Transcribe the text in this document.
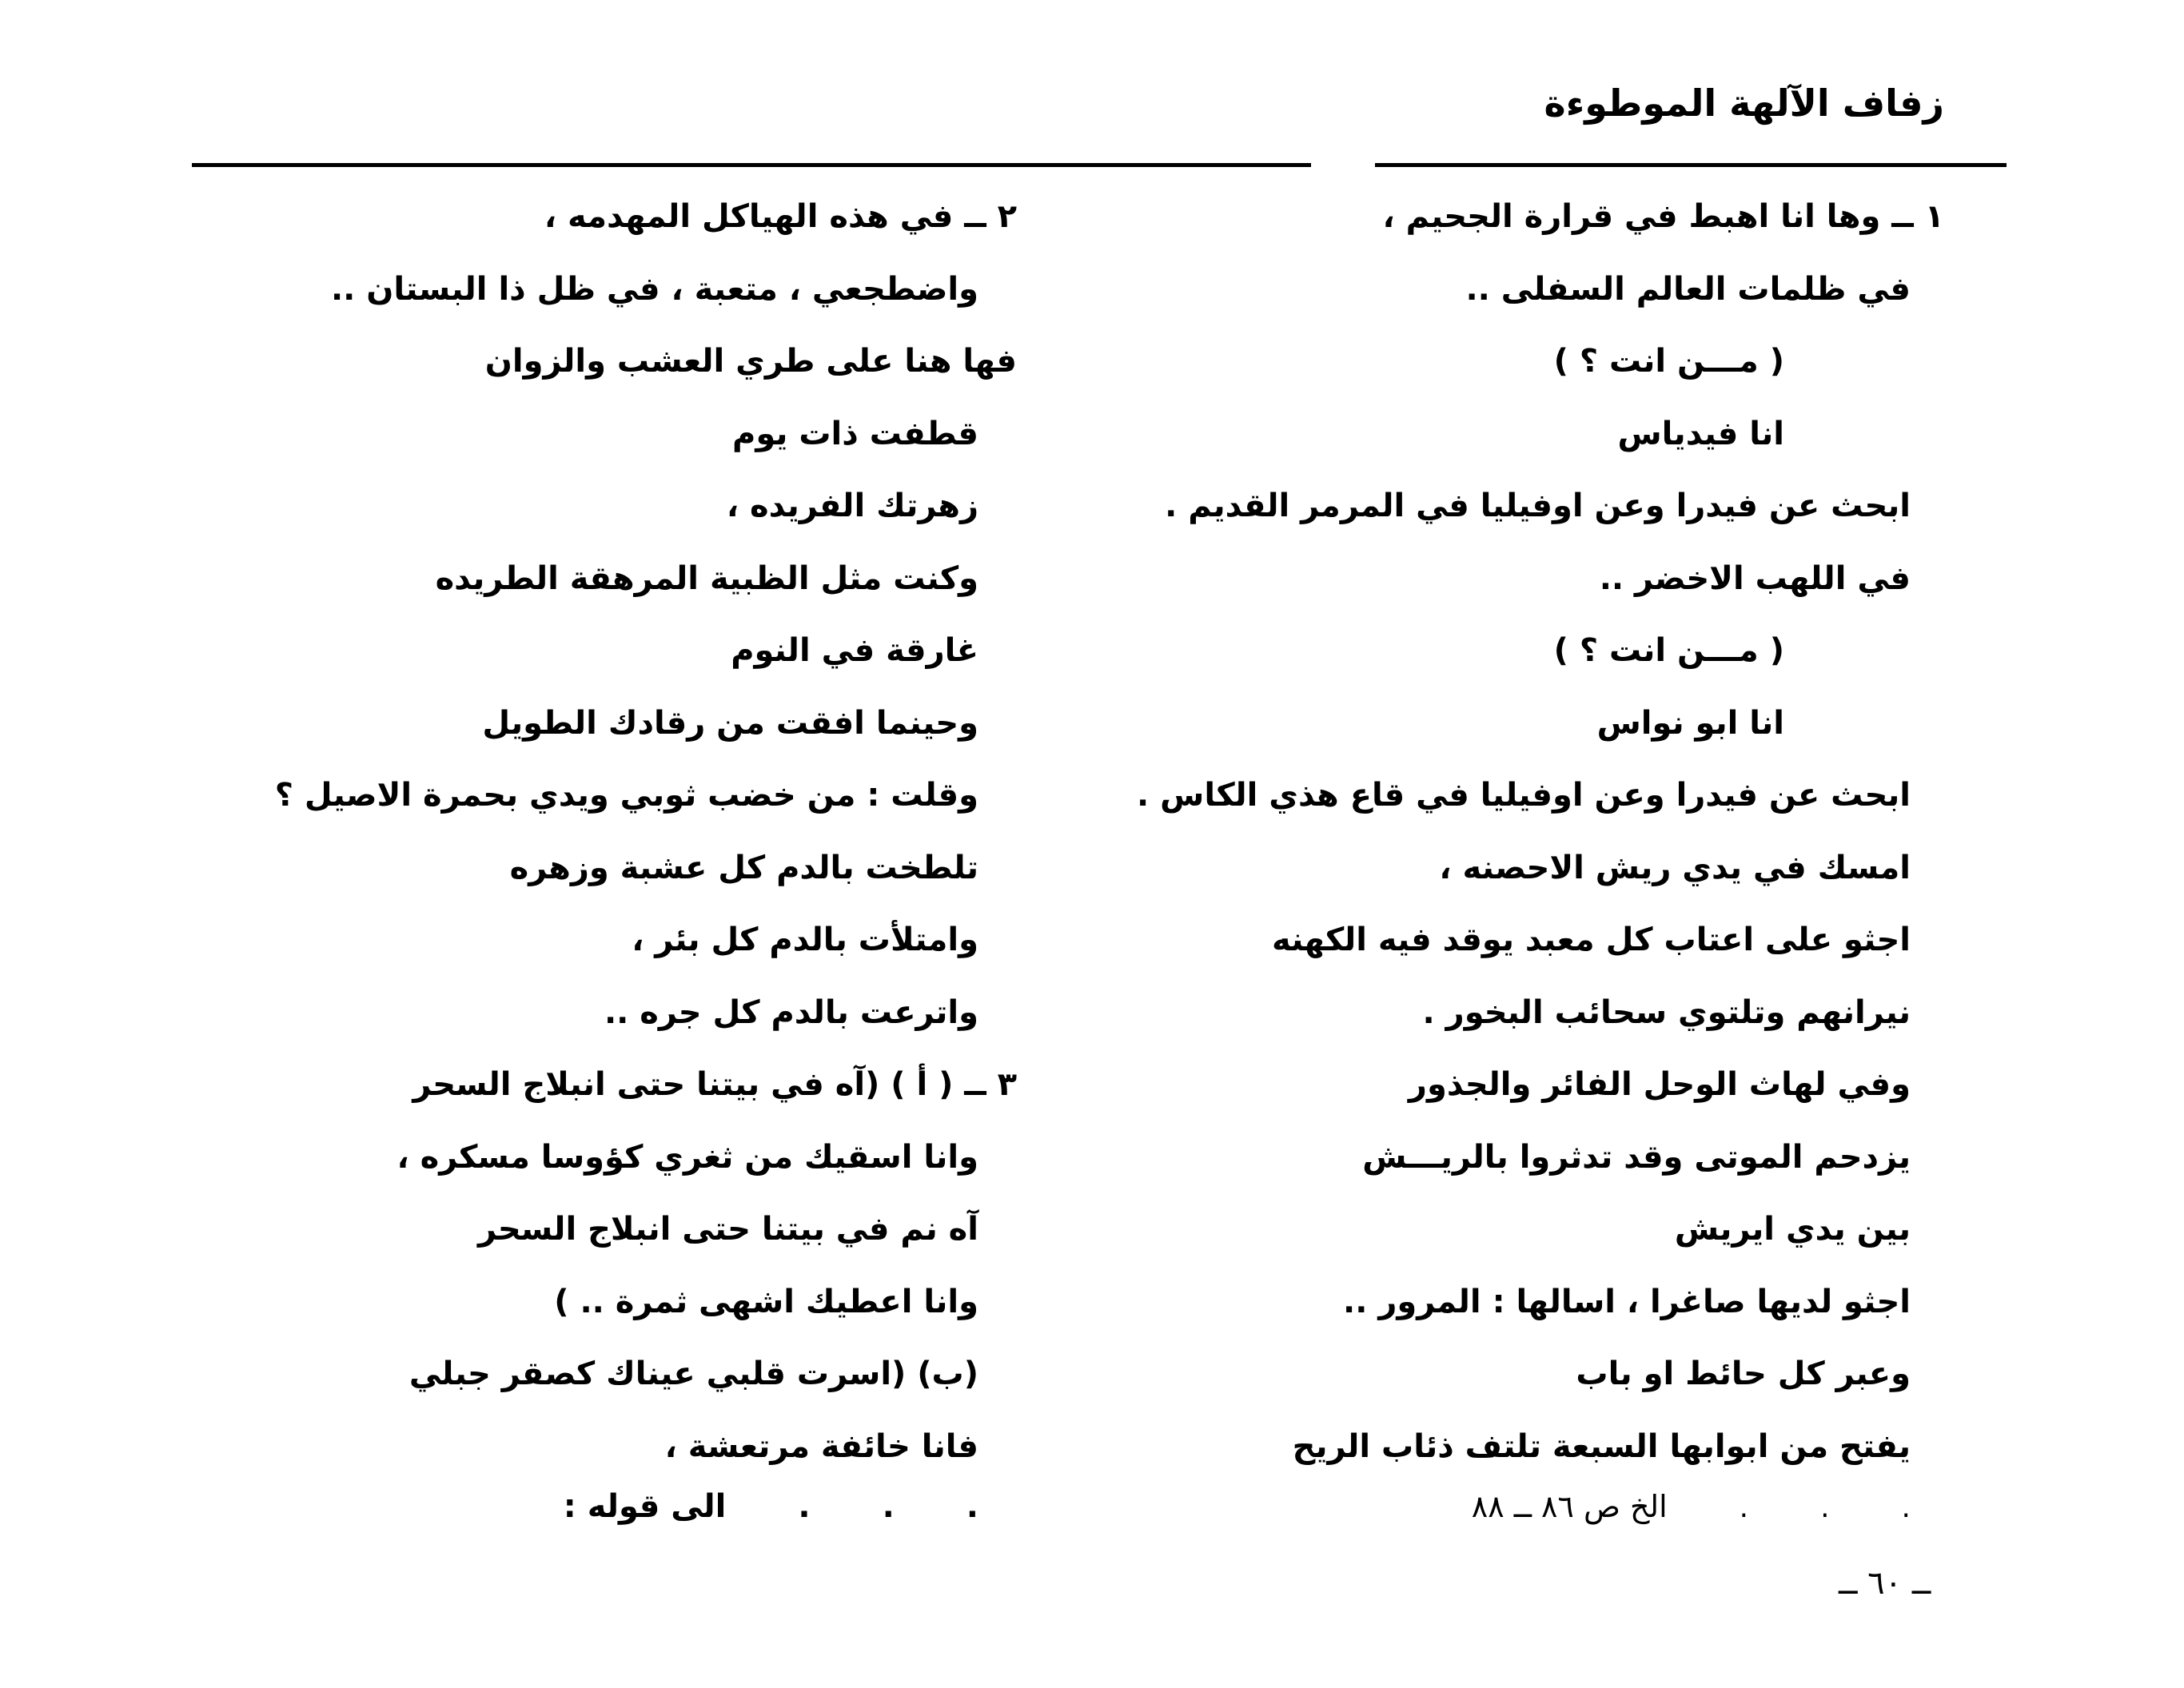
زفاف الآلهة الموطوءة
١ ــ وها انا اهبط في قرارة الجحيم ،
في ظلمات العالم السفلى ..
( مـــن انت ؟ )
انا فيدياس
ابحث عن فيدرا وعن اوفيليا في المرمر القديم .
في اللهب الاخضر ..
( مـــن انت ؟ )
انا ابو نواس
ابحث عن فيدرا وعن اوفيليا في قاع هذي الكاس .
امسك في يدي ريش الاحصنه ،
اجثو على اعتاب كل معبد يوقد فيه الكهنه
نيرانهم وتلتوي سحائب البخور .
وفي لهاث الوحل الفائر والجذور
يزدحم الموتى وقد تدثروا بالريـــش
بين يدي ايريش
اجثو لديها صاغرا ، اسالها : المرور ..
وعبر كل حائط او باب
يفتح من ابوابها السبعة تلتف ذئاب الريح
...الخ ص ٨٦ ــ ٨٨
٢ ــ في هذه الهياكل المهدمه ،
واضطجعي ، متعبة ، في ظل ذا البستان ..
فها هنا على طري العشب والزوان
قطفت ذات يوم
زهرتك الفريده ،
وكنت مثل الظبية المرهقة الطريده
غارقة في النوم
وحينما افقت من رقادك الطويل
وقلت : من خضب ثوبي ويدي بحمرة الاصيل ؟
تلطخت بالدم كل عشبة وزهره
وامتلأت بالدم كل بئر ،
واترعت بالدم كل جره ..
٣ ــ ( أ ) (آه في بيتنا حتى انبلاج السحر
وانا اسقيك من ثغري كؤوسا مسكره ،
آه نم في بيتنا حتى انبلاج السحر
وانا اعطيك اشهى ثمرة .. )
(ب) (اسرت قلبي عيناك كصقر جبلي
فانا خائفة مرتعشة ،
...الى قوله :
ــ ٦٠ ــ
